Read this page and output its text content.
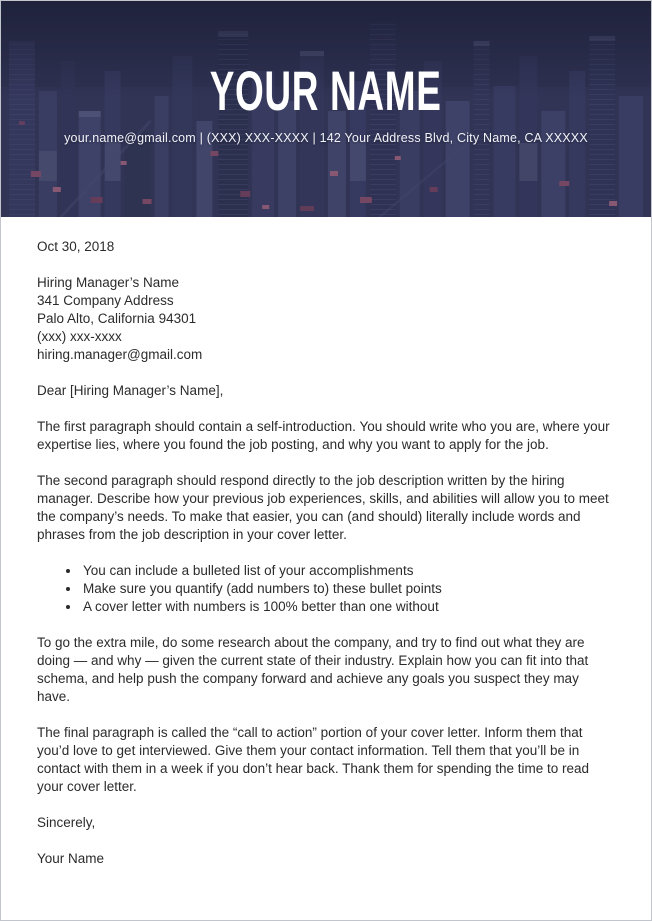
YOUR NAME
your.name@gmail.com | (XXX) XXX-XXXX | 142 Your Address Blvd, City Name, CA XXXXX

Oct 30, 2018

Hiring Manager’s Name
341 Company Address
Palo Alto, California 94301
(xxx) xxx-xxxx
hiring.manager@gmail.com

Dear [Hiring Manager’s Name],

The first paragraph should contain a self-introduction. You should write who you are, where your expertise lies, where you found the job posting, and why you want to apply for the job.

The second paragraph should respond directly to the job description written by the hiring manager. Describe how your previous job experiences, skills, and abilities will allow you to meet the company’s needs. To make that easier, you can (and should) literally include words and phrases from the job description in your cover letter.

• You can include a bulleted list of your accomplishments
• Make sure you quantify (add numbers to) these bullet points
• A cover letter with numbers is 100% better than one without

To go the extra mile, do some research about the company, and try to find out what they are doing — and why — given the current state of their industry. Explain how you can fit into that schema, and help push the company forward and achieve any goals you suspect they may have.

The final paragraph is called the “call to action” portion of your cover letter. Inform them that you’d love to get interviewed. Give them your contact information. Tell them that you’ll be in contact with them in a week if you don’t hear back. Thank them for spending the time to read your cover letter.

Sincerely,

Your Name
